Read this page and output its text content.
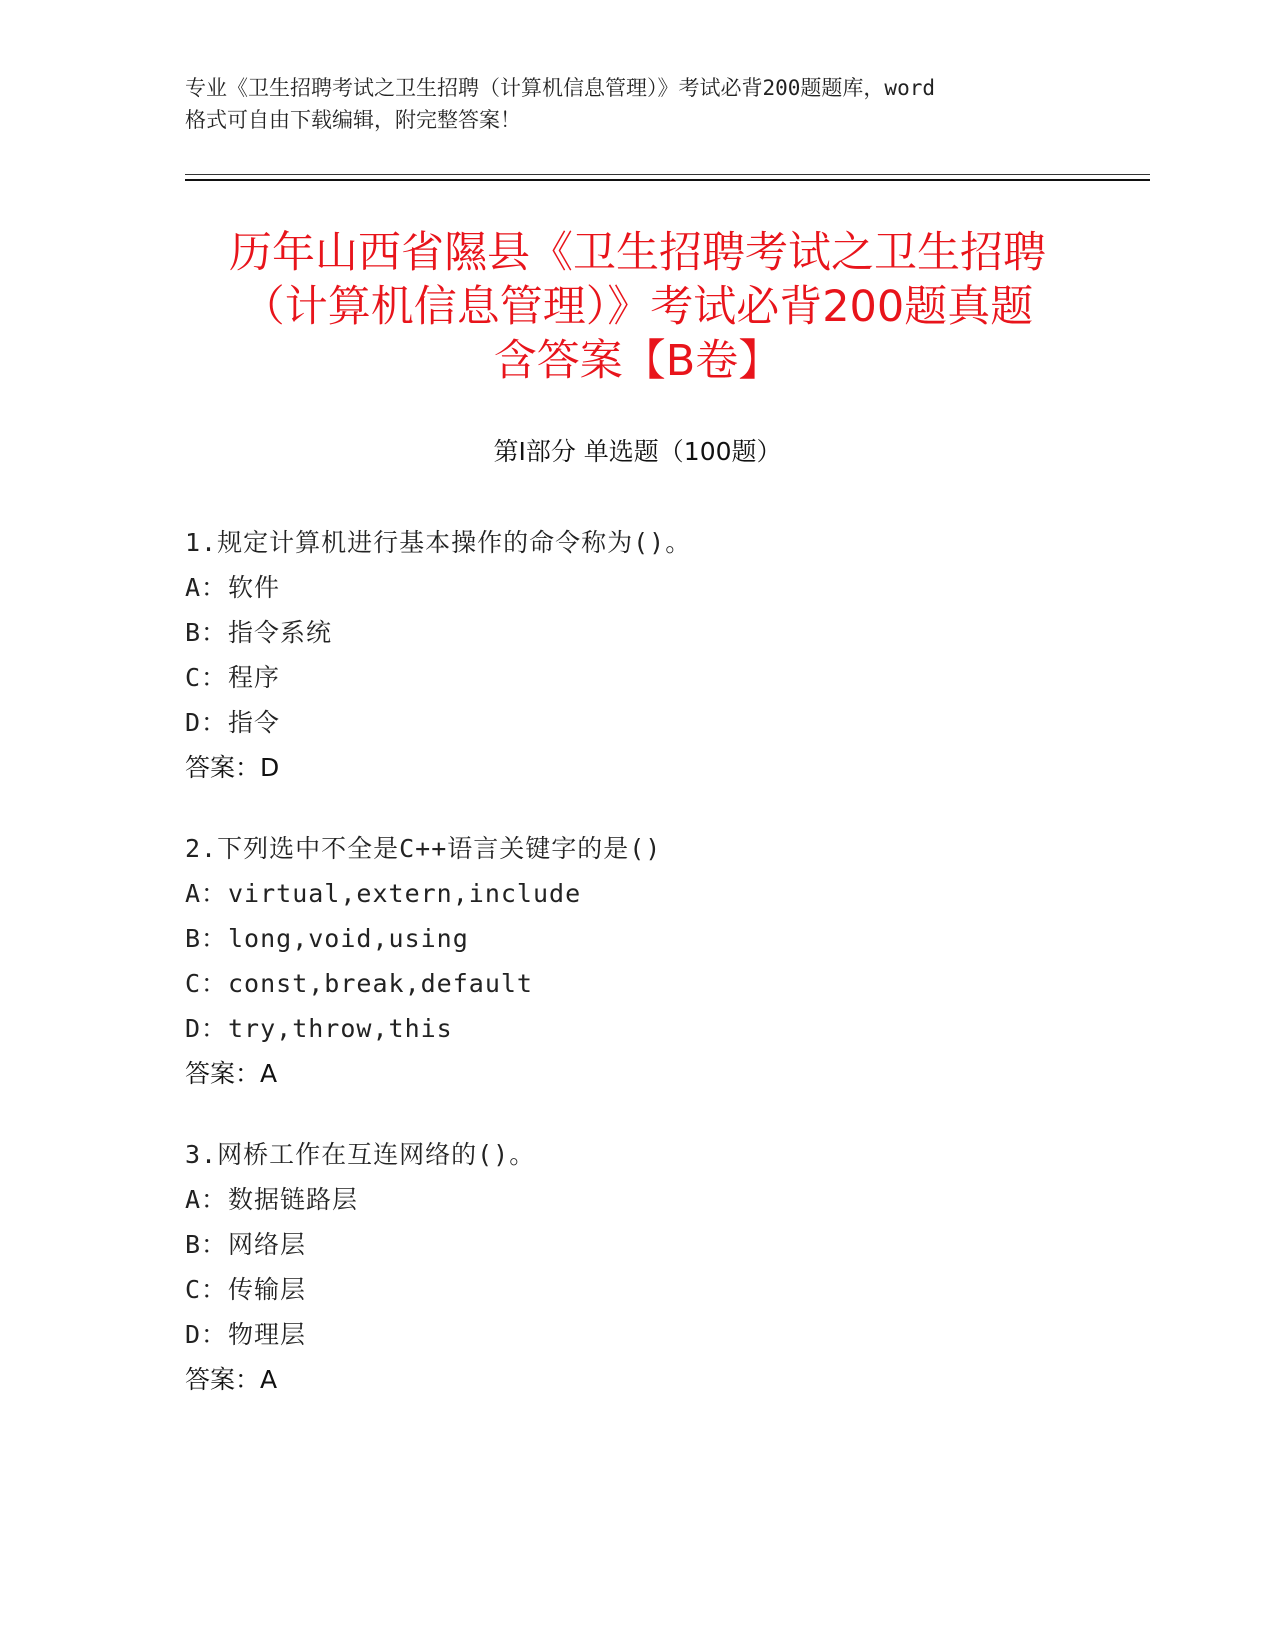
专业《卫生招聘考试之卫生招聘（计算机信息管理）》考试必背200题题库，word
格式可自由下载编辑，附完整答案！
历年山西省隰县《卫生招聘考试之卫生招聘
（计算机信息管理）》考试必背200题真题
含答案【B卷】
第Ⅰ部分 单选题（100题）
1.规定计算机进行基本操作的命令称为()。
A：软件
B：指令系统
C：程序
D：指令
答案：D
2.下列选中不全是C++语言关键字的是()
A：virtual,extern,include
B：long,void,using
C：const,break,default
D：try,throw,this
答案：A
3.网桥工作在互连网络的()。
A：数据链路层
B：网络层
C：传输层
D：物理层
答案：A
